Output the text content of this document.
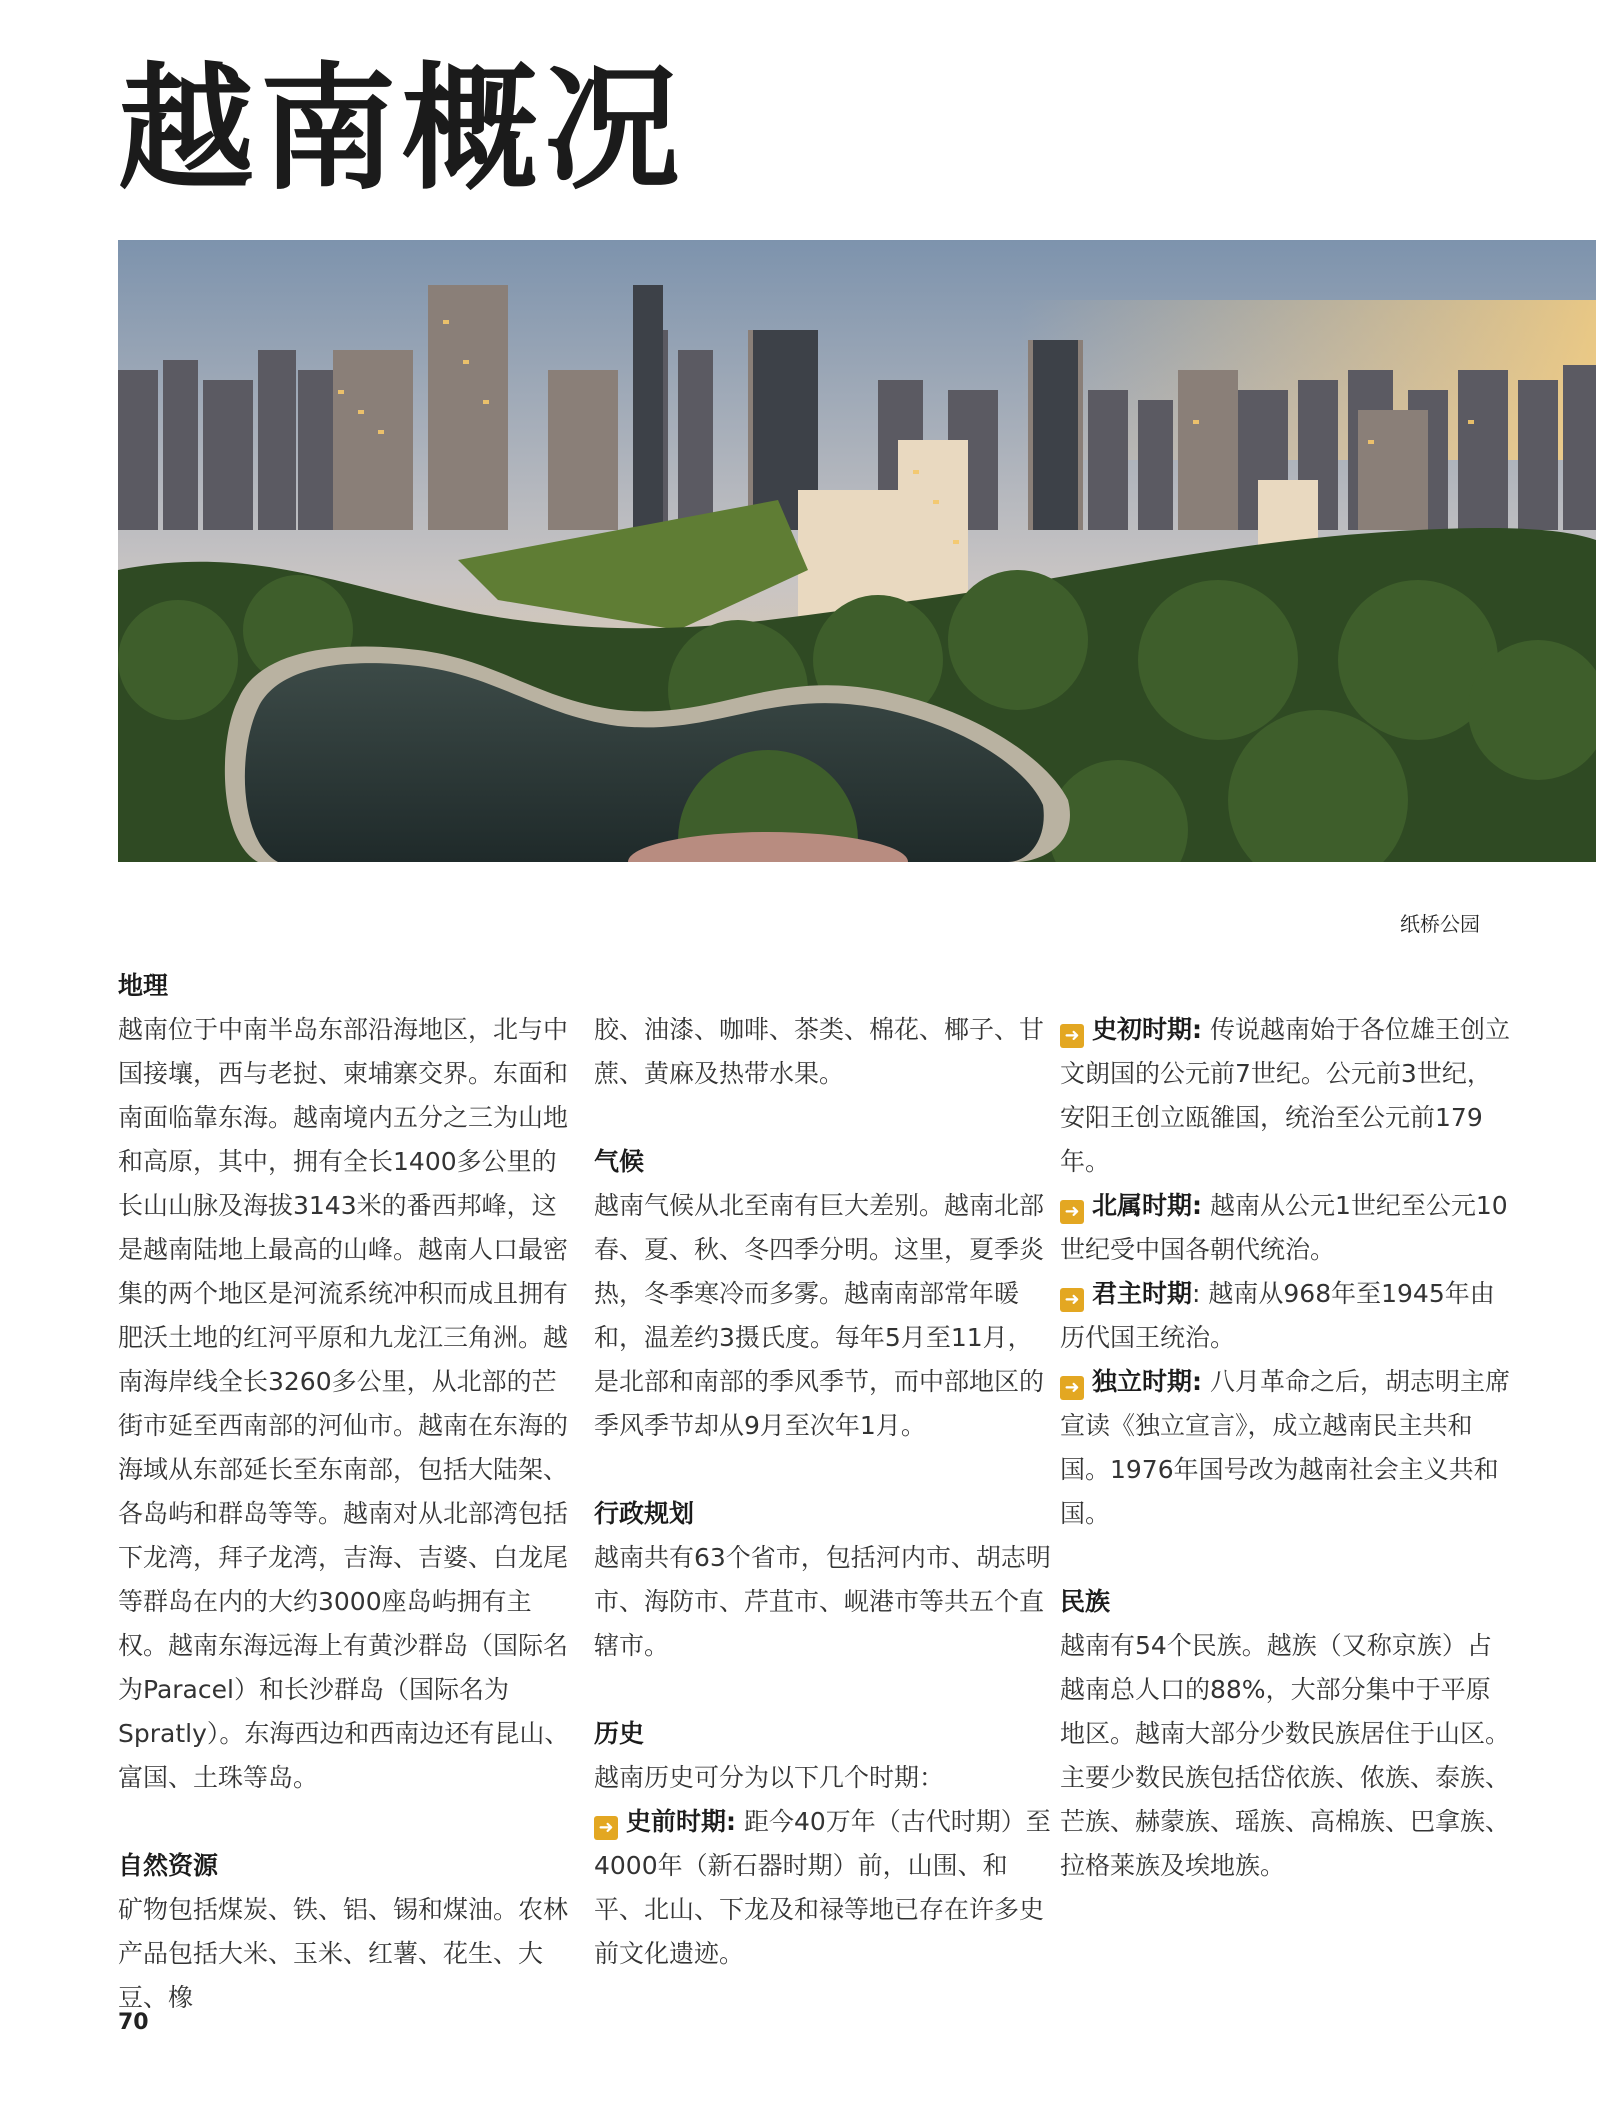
越南概况
纸桥公园
地理

越南位于中南半岛东部沿海地区，北与中国接壤，西与老挝、柬埔寨交界。东面和南面临靠东海。越南境内五分之三为山地和高原，其中，拥有全长1400多公里的长山山脉及海拔3143米的番西邦峰，这是越南陆地上最高的山峰。越南人口最密集的两个地区是河流系统冲积而成且拥有肥沃土地的红河平原和九龙江三角洲。越南海岸线全长3260多公里，从北部的芒街市延至西南部的河仙市。越南在东海的海域从东部延长至东南部，包括大陆架、各岛屿和群岛等等。越南对从北部湾包括下龙湾，拜子龙湾，吉海、吉婆、白龙尾等群岛在内的大约3000座岛屿拥有主权。越南东海远海上有黄沙群岛（国际名为Paracel）和长沙群岛（国际名为Spratly）。东海西边和西南边还有昆山、富国、土珠等岛。

自然资源

矿物包括煤炭、铁、铝、锡和煤油。农林产品包括大米、玉米、红薯、花生、大豆、橡

胶、油漆、咖啡、茶类、棉花、椰子、甘蔗、黄麻及热带水果。

气候

越南气候从北至南有巨大差别。越南北部春、夏、秋、冬四季分明。这里，夏季炎热，冬季寒冷而多雾。越南南部常年暖和，温差约3摄氏度。每年5月至11月，是北部和南部的季风季节，而中部地区的季风季节却从9月至次年1月。

行政规划

越南共有63个省市，包括河内市、胡志明市、海防市、芹苴市、岘港市等共五个直辖市。

历史

越南历史可分为以下几个时期：

➜ 史前时期: 距今40万年（古代时期）至4000年（新石器时期）前，山围、和平、北山、下龙及和禄等地已存在许多史前文化遗迹。

➜ 史初时期: 传说越南始于各位雄王创立文朗国的公元前7世纪。公元前3世纪，安阳王创立瓯雒国，统治至公元前179年。

➜ 北属时期: 越南从公元1世纪至公元10世纪受中国各朝代统治。

➜ 君主时期: 越南从968年至1945年由历代国王统治。

➜ 独立时期: 八月革命之后，胡志明主席宣读《独立宣言》，成立越南民主共和国。1976年国号改为越南社会主义共和国。

民族

越南有54个民族。越族（又称京族）占越南总人口的88%，大部分集中于平原地区。越南大部分少数民族居住于山区。主要少数民族包括岱依族、侬族、泰族、芒族、赫蒙族、瑶族、高棉族、巴拿族、拉格莱族及埃地族。

70
